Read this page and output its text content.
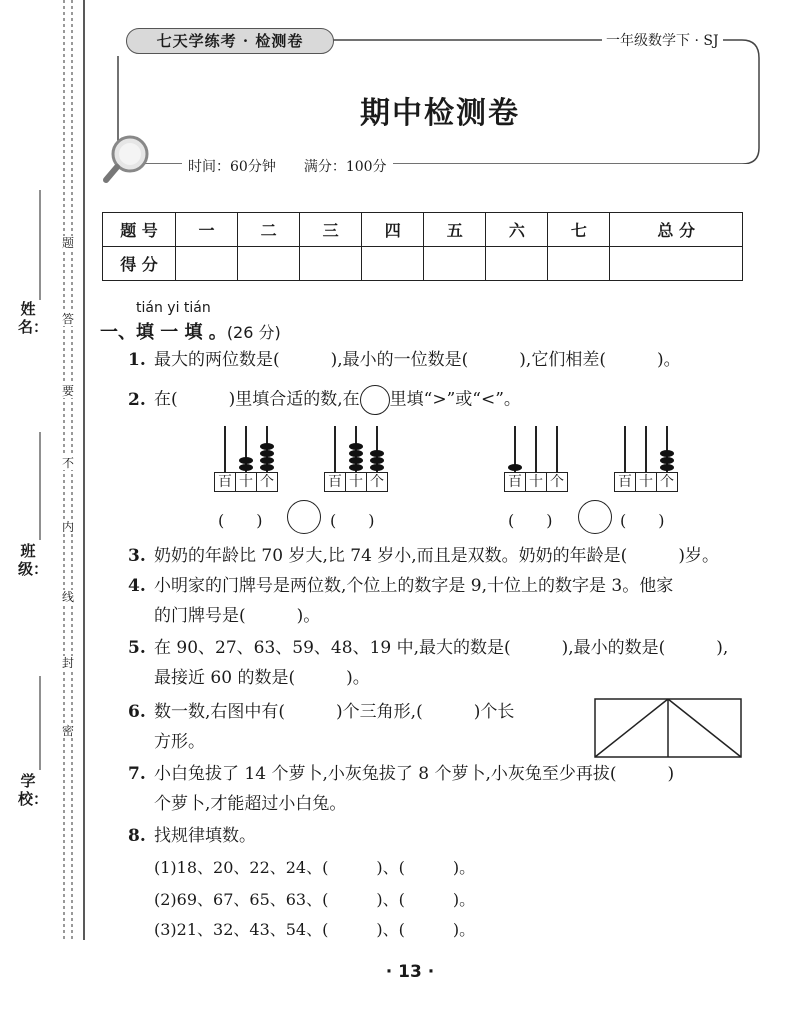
姓名：
班级：
学校：
题
答
要
不
内
线
封
密
七天学练考 · 检测卷	一年级数学下 · SJ
期中检测卷
时间：60分钟　　满分：100分
题 号	一	二	三	四	五	六	七	总 分
得 分								
tián yi tián
一、填 一 填 。(26 分)
1. 最大的两位数是(　　　),最小的一位数是(　　　),它们相差(　　　)。
2. 在(　　　)里填合适的数,在 里填“>”或“<”。
百 十 个	百 十 个	百 十 个	百 十 个
(　　)	(　　)	(　　)	(　　)
3. 奶奶的年龄比 70 岁大,比 74 岁小,而且是双数。奶奶的年龄是(　　　)岁。
4. 小明家的门牌号是两位数,个位上的数字是 9,十位上的数字是 3。他家
的门牌号是(　　　)。
5. 在 90、27、63、59、48、19 中,最大的数是(　　　),最小的数是(　　　),
最接近 60 的数是(　　　)。
6. 数一数,右图中有(　　　)个三角形,(　　　)个长
方形。
7. 小白兔拔了 14 个萝卜,小灰兔拔了 8 个萝卜,小灰兔至少再拔(　　　)
个萝卜,才能超过小白兔。
8. 找规律填数。
(1)18、20、22、24、(　　　)、(　　　)。
(2)69、67、65、63、(　　　)、(　　　)。
(3)21、32、43、54、(　　　)、(　　　)。
· 13 ·
